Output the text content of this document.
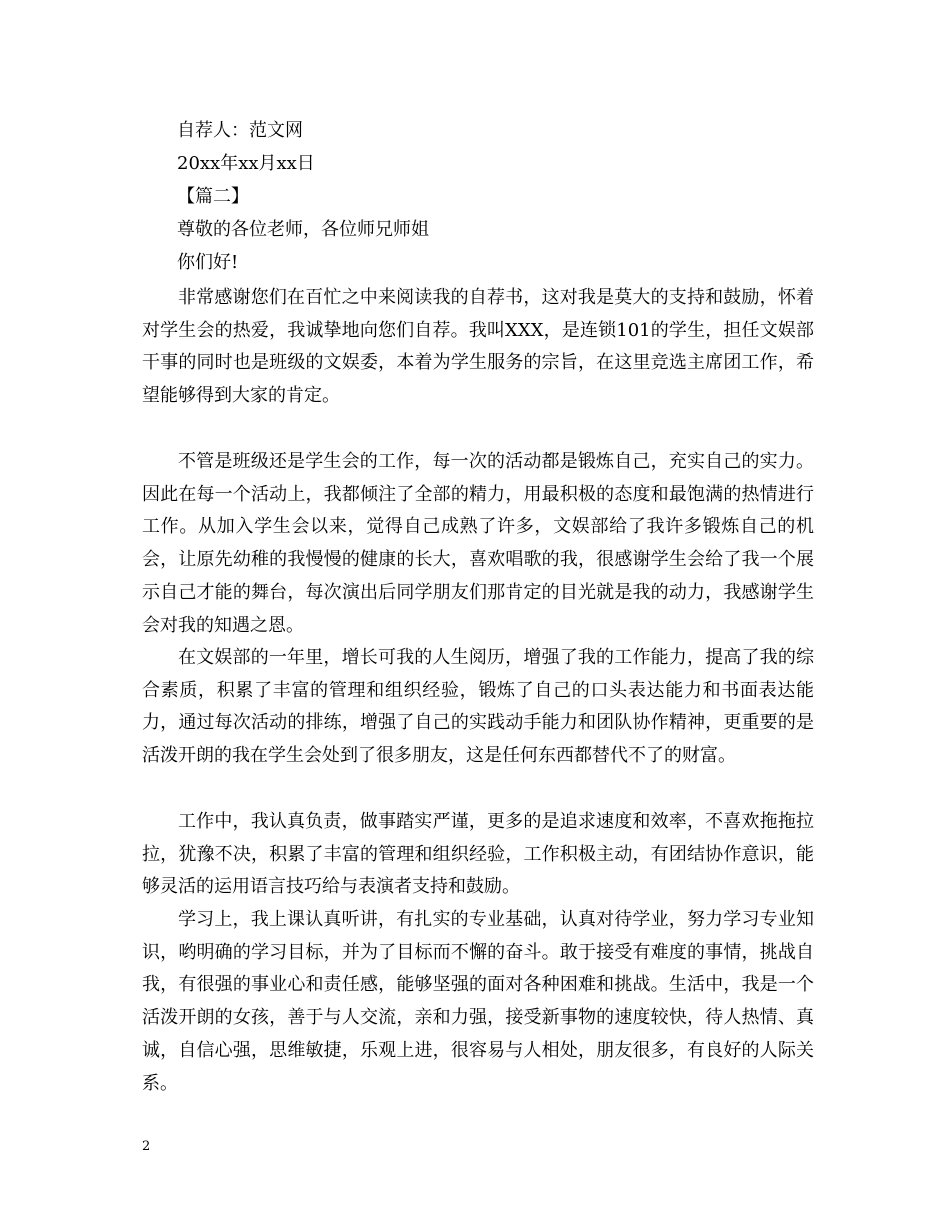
自荐人：范文网
20xx年xx月xx日
【篇二】
尊敬的各位老师，各位师兄师姐
你们好!

非常感谢您们在百忙之中来阅读我的自荐书，这对我是莫大的支持和鼓励，怀着对学生会的热爱，我诚挚地向您们自荐。我叫XXX，是连锁101的学生，担任文娱部干事的同时也是班级的文娱委，本着为学生服务的宗旨，在这里竞选主席团工作，希望能够得到大家的肯定。

不管是班级还是学生会的工作，每一次的活动都是锻炼自己，充实自己的实力。因此在每一个活动上，我都倾注了全部的精力，用最积极的态度和最饱满的热情进行工作。从加入学生会以来，觉得自己成熟了许多，文娱部给了我许多锻炼自己的机会，让原先幼稚的我慢慢的健康的长大，喜欢唱歌的我，很感谢学生会给了我一个展示自己才能的舞台，每次演出后同学朋友们那肯定的目光就是我的动力，我感谢学生会对我的知遇之恩。

在文娱部的一年里，增长可我的人生阅历，增强了我的工作能力，提高了我的综合素质，积累了丰富的管理和组织经验，锻炼了自己的口头表达能力和书面表达能力，通过每次活动的排练，增强了自己的实践动手能力和团队协作精神，更重要的是活泼开朗的我在学生会处到了很多朋友，这是任何东西都替代不了的财富。

工作中，我认真负责，做事踏实严谨，更多的是追求速度和效率，不喜欢拖拖拉拉，犹豫不决，积累了丰富的管理和组织经验，工作积极主动，有团结协作意识，能够灵活的运用语言技巧给与表演者支持和鼓励。

学习上，我上课认真听讲，有扎实的专业基础，认真对待学业，努力学习专业知识，哟明确的学习目标，并为了目标而不懈的奋斗。敢于接受有难度的事情，挑战自我，有很强的事业心和责任感，能够坚强的面对各种困难和挑战。生活中，我是一个活泼开朗的女孩，善于与人交流，亲和力强，接受新事物的速度较快，待人热情、真诚，自信心强，思维敏捷，乐观上进，很容易与人相处，朋友很多，有良好的人际关系。

2
